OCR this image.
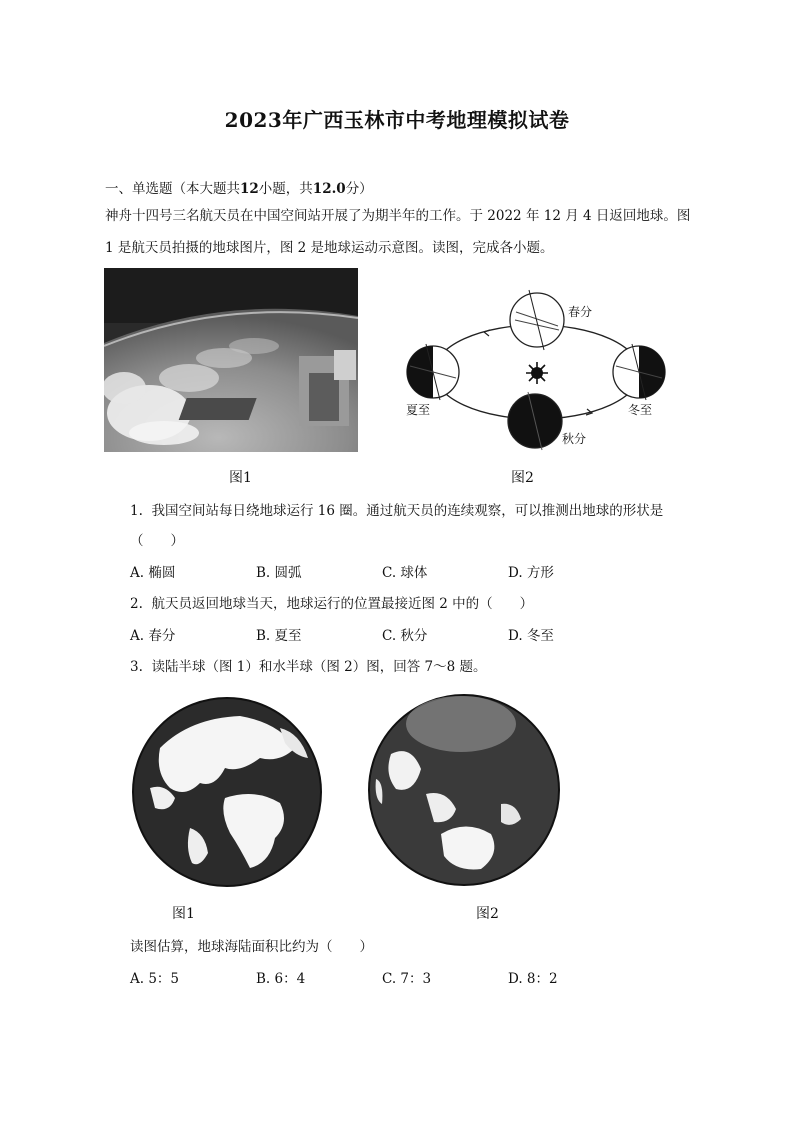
2023年广西玉林市中考地理模拟试卷
一、单选题（本大题共12小题，共12.0分）
神舟十四号三名航天员在中国空间站开展了为期半年的工作。于 2022 年 12 月 4 日返回地球。图
1 是航天员拍摄的地球图片，图 2 是地球运动示意图。读图，完成各小题。
图1
春分
夏至
秋分
冬至
图2
1. 我国空间站每日绕地球运行 16 圈。通过航天员的连续观察，可以推测出地球的形状是
（　　）
A. 椭圆	B. 圆弧	C. 球体	D. 方形
2. 航天员返回地球当天，地球运行的位置最接近图 2 中的（　　）
A. 春分	B. 夏至	C. 秋分	D. 冬至
3. 读陆半球（图 1）和水半球（图 2）图，回答 7～8 题。
图1	图2
读图估算，地球海陆面积比约为（　　）
A. 5：5	B. 6：4	C. 7：3	D. 8：2
